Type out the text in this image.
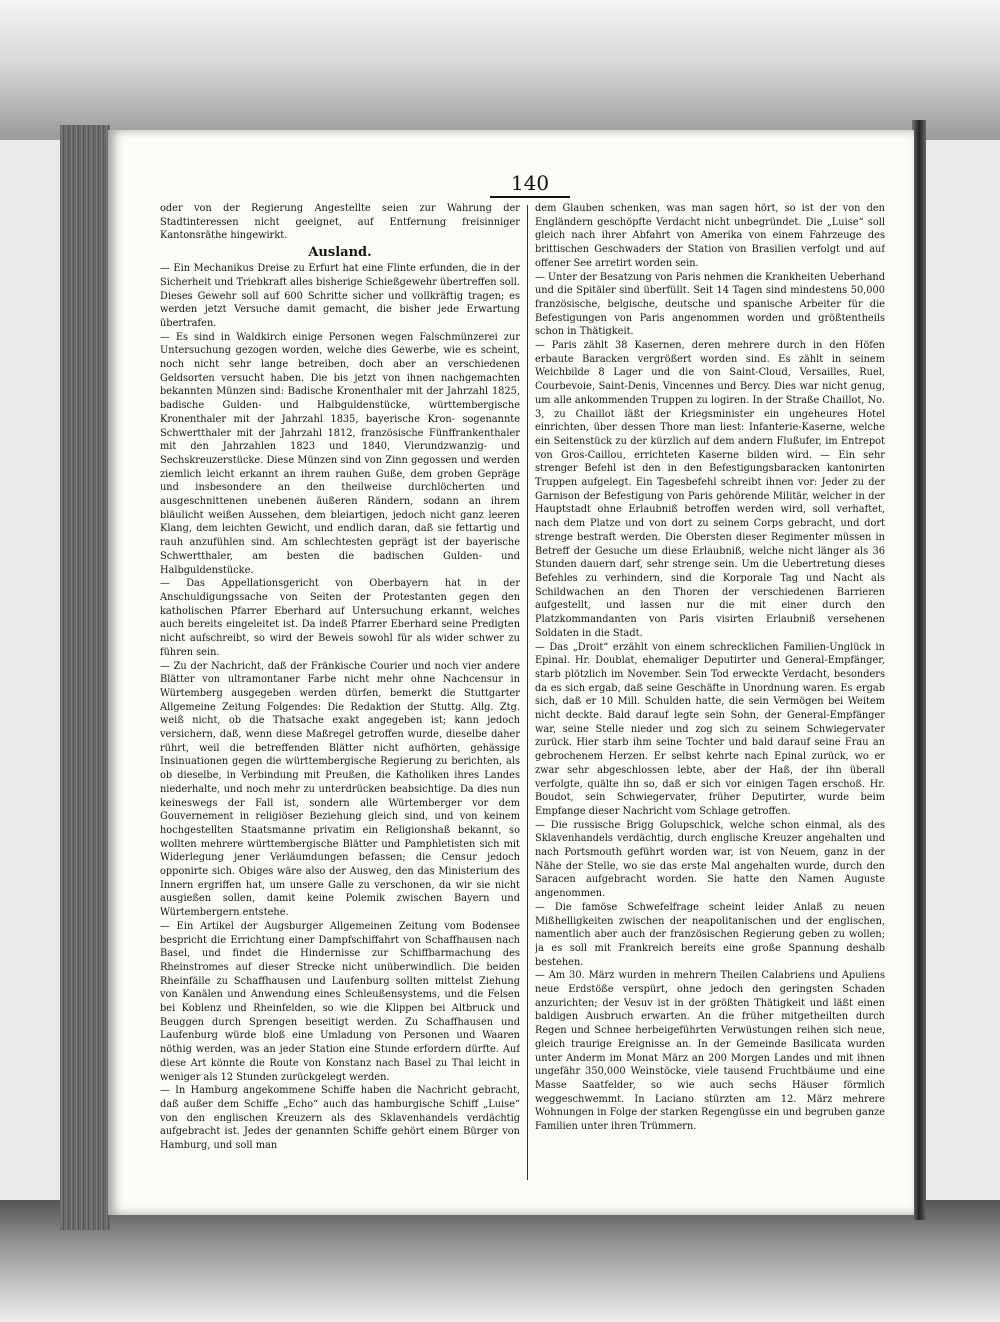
140

oder von der Regierung Angestellte seien zur Wahrung der Stadtinteressen nicht geeignet, auf Entfernung freisinniger Kantonsräthe hingewirkt.

Ausland.

— Ein Mechanikus Dreise zu Erfurt hat eine Flinte erfunden, die in der Sicherheit und Triebkraft alles bisherige Schießgewehr übertreffen soll. Dieses Gewehr soll auf 600 Schritte sicher und vollkräftig tragen; es werden jetzt Versuche damit gemacht, die bisher jede Erwartung übertrafen.

— Es sind in Waldkirch einige Personen wegen Falschmünzerei zur Untersuchung gezogen worden, welche dies Gewerbe, wie es scheint, noch nicht sehr lange betreiben, doch aber an verschiedenen Geldsorten versucht haben. Die bis jetzt von ihnen nachgemachten bekannten Münzen sind: Badische Kronenthaler mit der Jahrzahl 1825, badische Gulden- und Halbguldenstücke, württembergische Kronenthaler mit der Jahrzahl 1835, bayerische Kron- sogenannte Schwertthaler mit der Jahrzahl 1812, französische Fünffrankenthaler mit den Jahrzahlen 1823 und 1840, Vierundzwanzig- und Sechskreuzerstücke. Diese Münzen sind von Zinn gegossen und werden ziemlich leicht erkannt an ihrem rauhen Guße, dem groben Gepräge und insbesondere an den theilweise durchlöcherten und ausgeschnittenen unebenen äußeren Rändern, sodann an ihrem bläulicht weißen Aussehen, dem bleiartigen, jedoch nicht ganz leeren Klang, dem leichten Gewicht, und endlich daran, daß sie fettartig und rauh anzufühlen sind. Am schlechtesten geprägt ist der bayerische Schwertthaler, am besten die badischen Gulden- und Halbguldenstücke.

— Das Appellationsgericht von Oberbayern hat in der Anschuldigungssache von Seiten der Protestanten gegen den katholischen Pfarrer Eberhard auf Untersuchung erkannt, welches auch bereits eingeleitet ist. Da indeß Pfarrer Eberhard seine Predigten nicht aufschreibt, so wird der Beweis sowohl für als wider schwer zu führen sein.

— Zu der Nachricht, daß der Fränkische Courier und noch vier andere Blätter von ultramontaner Farbe nicht mehr ohne Nachcensur in Würtemberg ausgegeben werden dürfen, bemerkt die Stuttgarter Allgemeine Zeitung Folgendes: Die Redaktion der Stuttg. Allg. Ztg. weiß nicht, ob die Thatsache exakt angegeben ist; kann jedoch versichern, daß, wenn diese Maßregel getroffen wurde, dieselbe daher rührt, weil die betreffenden Blätter nicht aufhörten, gehässige Insinuationen gegen die württembergische Regierung zu berichten, als ob dieselbe, in Verbindung mit Preußen, die Katholiken ihres Landes niederhalte, und noch mehr zu unterdrücken beabsichtige. Da dies nun keineswegs der Fall ist, sondern alle Würtemberger vor dem Gouvernement in religiöser Beziehung gleich sind, und von keinem hochgestellten Staatsmanne privatim ein Religionshaß bekannt, so wollten mehrere württembergische Blätter und Pamphletisten sich mit Widerlegung jener Verläumdungen befassen; die Censur jedoch opponirte sich. Obiges wäre also der Ausweg, den das Ministerium des Innern ergriffen hat, um unsere Galle zu verschonen, da wir sie nicht ausgießen sollen, damit keine Polemik zwischen Bayern und Würtembergern entstehe.

— Ein Artikel der Augsburger Allgemeinen Zeitung vom Bodensee bespricht die Errichtung einer Dampfschiffahrt von Schaffhausen nach Basel, und findet die Hindernisse zur Schiffbarmachung des Rheinstromes auf dieser Strecke nicht unüberwindlich. Die beiden Rheinfälle zu Schaffhausen und Laufenburg sollten mittelst Ziehung von Kanälen und Anwendung eines Schleußensystems, und die Felsen bei Koblenz und Rheinfelden, so wie die Klippen bei Altbruck und Beuggen durch Sprengen beseitigt werden. Zu Schaffhausen und Laufenburg würde bloß eine Umladung von Personen und Waaren nöthig werden, was an jeder Station eine Stunde erfordern dürfte. Auf diese Art könnte die Route von Konstanz nach Basel zu Thal leicht in weniger als 12 Stunden zurückgelegt werden.

— In Hamburg angekommene Schiffe haben die Nachricht gebracht, daß außer dem Schiffe „Echo“ auch das hamburgische Schiff „Luise“ von den englischen Kreuzern als des Sklavenhandels verdächtig aufgebracht ist. Jedes der genannten Schiffe gehört einem Bürger von Hamburg, und soll man

dem Glauben schenken, was man sagen hört, so ist der von den Engländern geschöpfte Verdacht nicht unbegründet. Die „Luise“ soll gleich nach ihrer Abfahrt von Amerika von einem Fahrzeuge des brittischen Geschwaders der Station von Brasilien verfolgt und auf offener See arretirt worden sein.

— Unter der Besatzung von Paris nehmen die Krankheiten Ueberhand und die Spitäler sind überfüllt. Seit 14 Tagen sind mindestens 50,000 französische, belgische, deutsche und spanische Arbeiter für die Befestigungen von Paris angenommen worden und größtentheils schon in Thätigkeit.

— Paris zählt 38 Kasernen, deren mehrere durch in den Höfen erbaute Baracken vergrößert worden sind. Es zählt in seinem Weichbilde 8 Lager und die von Saint-Cloud, Versailles, Ruel, Courbevoie, Saint-Denis, Vincennes und Bercy. Dies war nicht genug, um alle ankommenden Truppen zu logiren. In der Straße Chaillot, No. 3, zu Chaillot läßt der Kriegsminister ein ungeheures Hotel einrichten, über dessen Thore man liest: Infanterie-Kaserne, welche ein Seitenstück zu der kürzlich auf dem andern Flußufer, im Entrepot von Gros-Caillou, errichteten Kaserne bilden wird. — Ein sehr strenger Befehl ist den in den Befestigungsbaracken kantonirten Truppen aufgelegt. Ein Tagesbefehl schreibt ihnen vor: Jeder zu der Garnison der Befestigung von Paris gehörende Militär, welcher in der Hauptstadt ohne Erlaubniß betroffen werden wird, soll verhaftet, nach dem Platze und von dort zu seinem Corps gebracht, und dort strenge bestraft werden. Die Obersten dieser Regimenter müssen in Betreff der Gesuche um diese Erlaubniß, welche nicht länger als 36 Stunden dauern darf, sehr strenge sein. Um die Uebertretung dieses Befehles zu verhindern, sind die Korporale Tag und Nacht als Schildwachen an den Thoren der verschiedenen Barrieren aufgestellt, und lassen nur die mit einer durch den Platzkommandanten von Paris visirten Erlaubniß versehenen Soldaten in die Stadt.

— Das „Droit“ erzählt von einem schrecklichen Familien-Unglück in Epinal. Hr. Doublat, ehemaliger Deputirter und General-Empfänger, starb plötzlich im November. Sein Tod erweckte Verdacht, besonders da es sich ergab, daß seine Geschäfte in Unordnung waren. Es ergab sich, daß er 10 Mill. Schulden hatte, die sein Vermögen bei Weitem nicht deckte. Bald darauf legte sein Sohn, der General-Empfänger war, seine Stelle nieder und zog sich zu seinem Schwiegervater zurück. Hier starb ihm seine Tochter und bald darauf seine Frau an gebrochenem Herzen. Er selbst kehrte nach Epinal zurück, wo er zwar sehr abgeschlossen lebte, aber der Haß, der ihn überall verfolgte, quälte ihn so, daß er sich vor einigen Tagen erschoß. Hr. Boudot, sein Schwiegervater, früher Deputirter, wurde beim Empfange dieser Nachricht vom Schlage getroffen.

— Die russische Brigg Golupschick, welche schon einmal, als des Sklavenhandels verdächtig, durch englische Kreuzer angehalten und nach Portsmouth geführt worden war, ist von Neuem, ganz in der Nähe der Stelle, wo sie das erste Mal angehalten wurde, durch den Saracen aufgebracht worden. Sie hatte den Namen Auguste angenommen.

— Die famöse Schwefelfrage scheint leider Anlaß zu neuen Mißhelligkeiten zwischen der neapolitanischen und der englischen, namentlich aber auch der französischen Regierung geben zu wollen; ja es soll mit Frankreich bereits eine große Spannung deshalb bestehen.

— Am 30. März wurden in mehrern Theilen Calabriens und Apuliens neue Erdstöße verspürt, ohne jedoch den geringsten Schaden anzurichten; der Vesuv ist in der größten Thätigkeit und läßt einen baldigen Ausbruch erwarten. An die früher mitgetheilten durch Regen und Schnee herbeigeführten Verwüstungen reihen sich neue, gleich traurige Ereignisse an. In der Gemeinde Basilicata wurden unter Anderm im Monat März an 200 Morgen Landes und mit ihnen ungefähr 350,000 Weinstöcke, viele tausend Fruchtbäume und eine Masse Saatfelder, so wie auch sechs Häuser förmlich weggeschwemmt. In Laciano stürzten am 12. März mehrere Wohnungen in Folge der starken Regengüsse ein und begruben ganze Familien unter ihren Trümmern.
